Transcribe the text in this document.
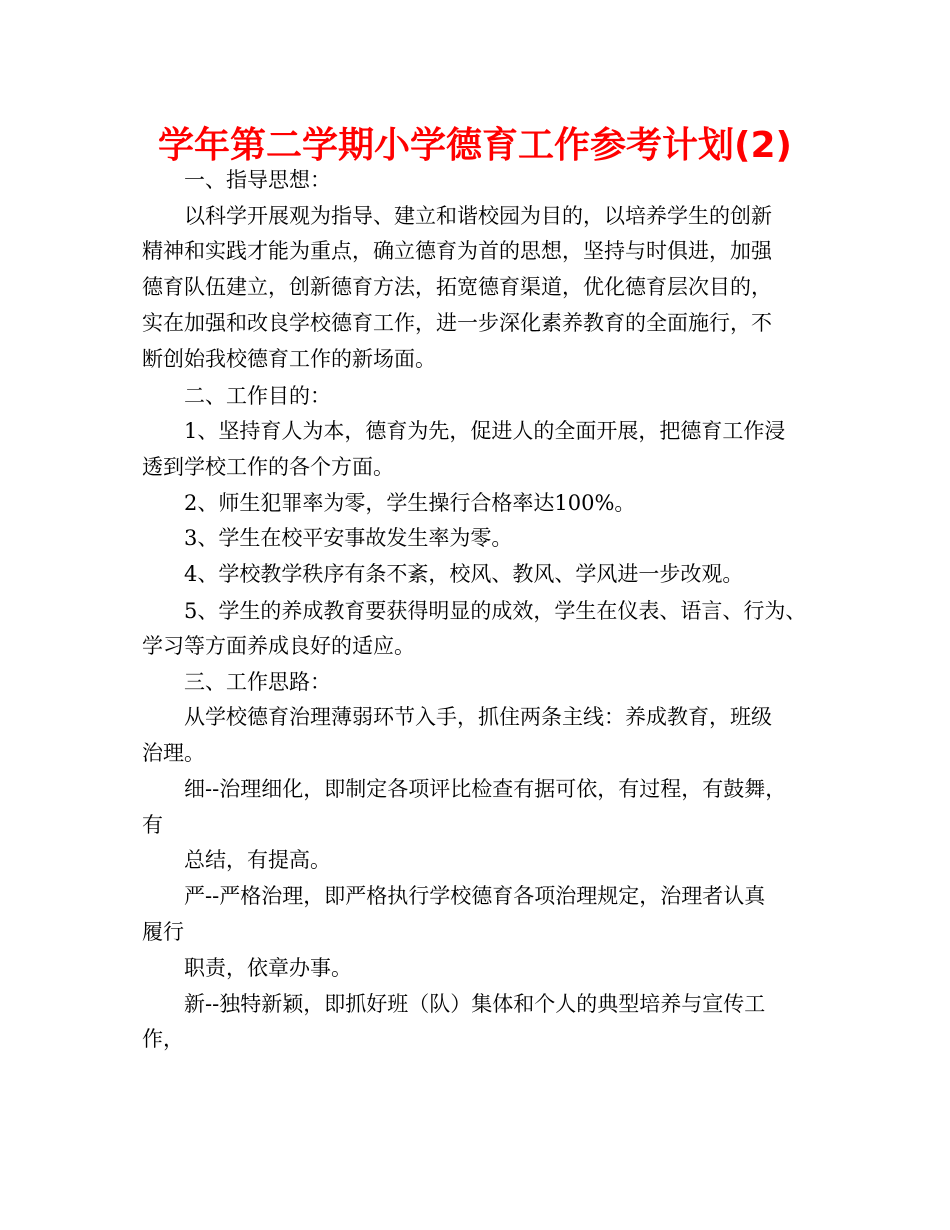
学年第二学期小学德育工作参考计划(2)
一、指导思想：
以科学开展观为指导、建立和谐校园为目的，以培养学生的创新
精神和实践才能为重点，确立德育为首的思想，坚持与时俱进，加强
德育队伍建立，创新德育方法，拓宽德育渠道，优化德育层次目的，
实在加强和改良学校德育工作，进一步深化素养教育的全面施行，不
断创始我校德育工作的新场面。
二、工作目的：
1、坚持育人为本，德育为先，促进人的全面开展，把德育工作浸
透到学校工作的各个方面。
2、师生犯罪率为零，学生操行合格率达100%。
3、学生在校平安事故发生率为零。
4、学校教学秩序有条不紊，校风、教风、学风进一步改观。
5、学生的养成教育要获得明显的成效，学生在仪表、语言、行为、
学习等方面养成良好的适应。
三、工作思路：
从学校德育治理薄弱环节入手，抓住两条主线：养成教育，班级
治理。
细--治理细化，即制定各项评比检查有据可依，有过程，有鼓舞，
有
总结，有提高。
严--严格治理，即严格执行学校德育各项治理规定，治理者认真
履行
职责，依章办事。
新--独特新颖，即抓好班（队）集体和个人的典型培养与宣传工
作，
